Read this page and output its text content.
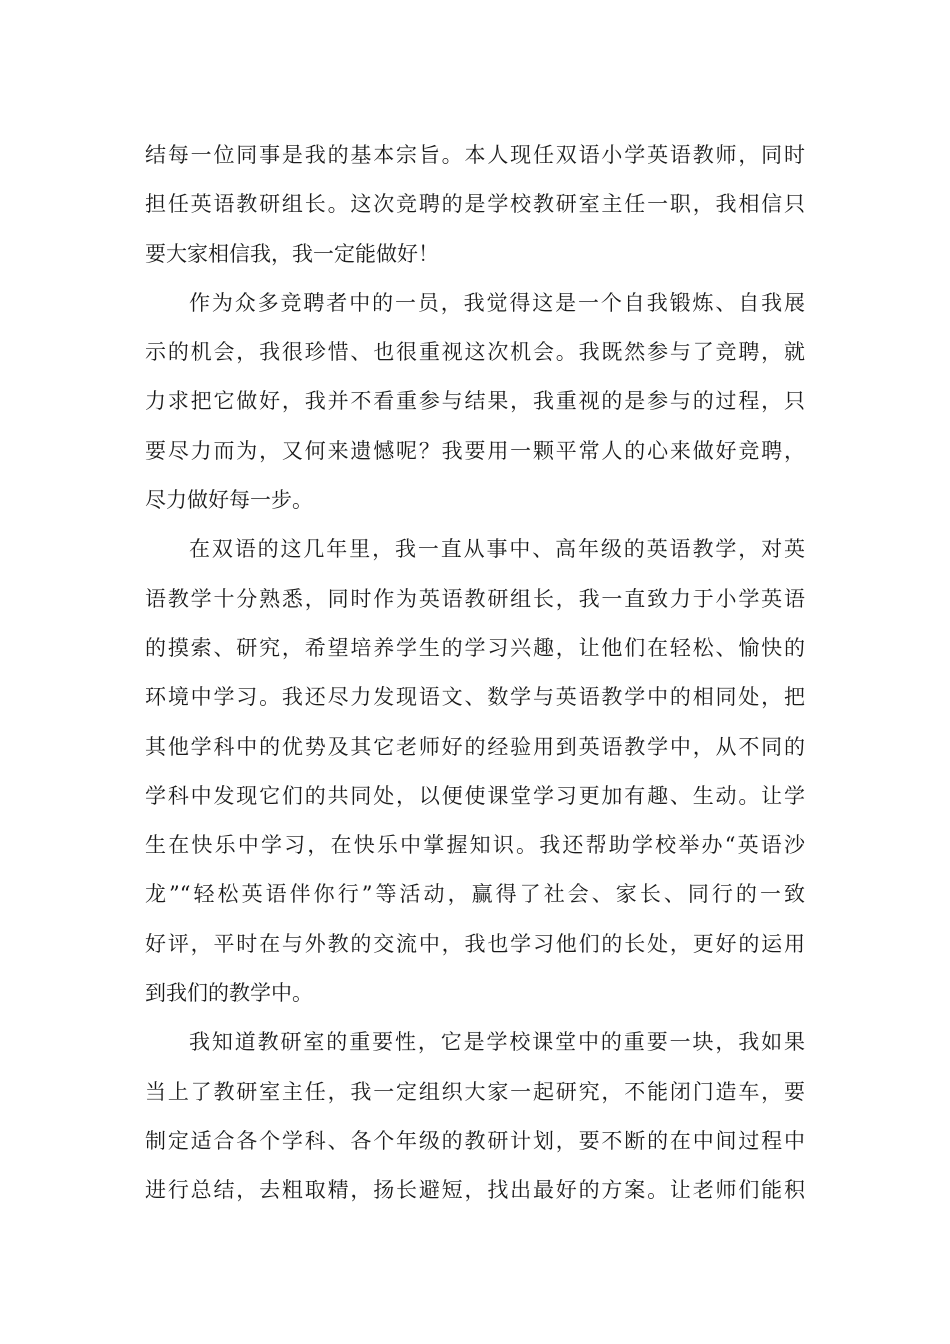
结每一位同事是我的基本宗旨。本人现任双语小学英语教师，同时
担任英语教研组长。这次竞聘的是学校教研室主任一职，我相信只
要大家相信我，我一定能做好！
作为众多竞聘者中的一员，我觉得这是一个自我锻炼、自我展
示的机会，我很珍惜、也很重视这次机会。我既然参与了竞聘，就
力求把它做好，我并不看重参与结果，我重视的是参与的过程，只
要尽力而为，又何来遗憾呢？我要用一颗平常人的心来做好竞聘，
尽力做好每一步。
在双语的这几年里，我一直从事中、高年级的英语教学，对英
语教学十分熟悉，同时作为英语教研组长，我一直致力于小学英语
的摸索、研究，希望培养学生的学习兴趣，让他们在轻松、愉快的
环境中学习。我还尽力发现语文、数学与英语教学中的相同处，把
其他学科中的优势及其它老师好的经验用到英语教学中，从不同的
学科中发现它们的共同处，以便使课堂学习更加有趣、生动。让学
生在快乐中学习，在快乐中掌握知识。我还帮助学校举办“英语沙
龙”“轻松英语伴你行”等活动，赢得了社会、家长、同行的一致
好评，平时在与外教的交流中，我也学习他们的长处，更好的运用
到我们的教学中。
我知道教研室的重要性，它是学校课堂中的重要一块，我如果
当上了教研室主任，我一定组织大家一起研究，不能闭门造车，要
制定适合各个学科、各个年级的教研计划，要不断的在中间过程中
进行总结，去粗取精，扬长避短，找出最好的方案。让老师们能积
